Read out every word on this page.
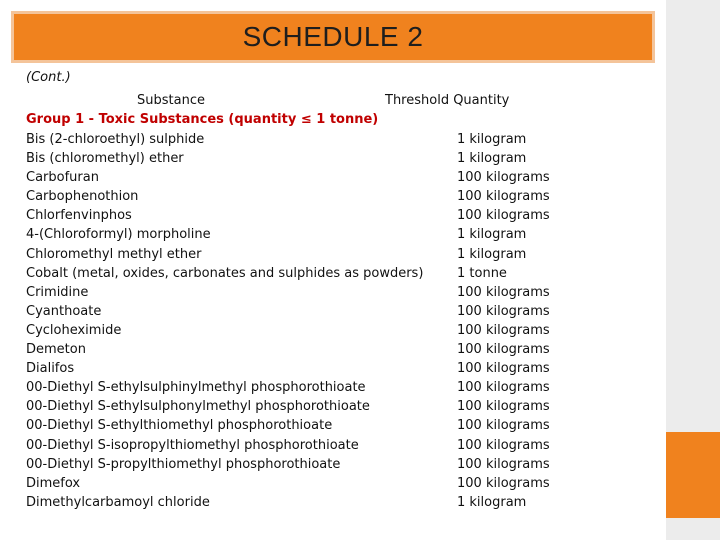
SCHEDULE 2
(Cont.)
Substance	Threshold Quantity
Group 1 - Toxic Substances (quantity ≤ 1 tonne)
Bis (2-chloroethyl) sulphide	1 kilogram
Bis (chloromethyl) ether	1 kilogram
Carbofuran	100 kilograms
Carbophenothion	100 kilograms
Chlorfenvinphos	100 kilograms
4-(Chloroformyl) morpholine	1 kilogram
Chloromethyl methyl ether	1 kilogram
Cobalt (metal, oxides, carbonates and sulphides as powders)	1 tonne
Crimidine	100 kilograms
Cyanthoate	100 kilograms
Cycloheximide	100 kilograms
Demeton	100 kilograms
Dialifos	100 kilograms
00-Diethyl S-ethylsulphinylmethyl phosphorothioate	100 kilograms
00-Diethyl S-ethylsulphonylmethyl phosphorothioate	100 kilograms
00-Diethyl S-ethylthiomethyl phosphorothioate	100 kilograms
00-Diethyl S-isopropylthiomethyl phosphorothioate	100 kilograms
00-Diethyl S-propylthiomethyl phosphorothioate	100 kilograms
Dimefox	100 kilograms
Dimethylcarbamoyl chloride	1 kilogram
